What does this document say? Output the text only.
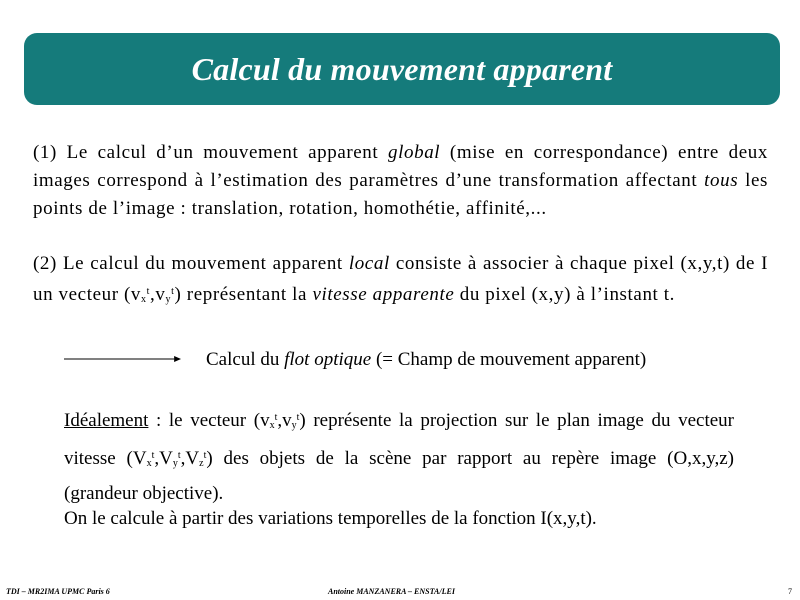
Calcul du mouvement apparent
(1) Le calcul d’un mouvement apparent global (mise en correspondance) entre deux images correspond à l’estimation des paramètres d’une transformation affectant tous les points de l’image : translation, rotation, homothétie, affinité,...
(2) Le calcul du mouvement apparent local consiste à associer à chaque pixel (x,y,t) de I un vecteur $(v_x^t,v_y^t)$ représentant la vitesse apparente du pixel (x,y) à l’instant t.
Calcul du flot optique (= Champ de mouvement apparent)
Idéalement : le vecteur $(v_x^t,v_y^t)$ représente la projection sur le plan image du vecteur vitesse $(V_x^t,V_y^t,V_z^t)$ des objets de la scène par rapport au repère image (O,x,y,z) (grandeur objective).
On le calcule à partir des variations temporelles de la fonction I(x,y,t).
TDI – MR2IMA UPMC Paris 6	Antoine MANZANERA – ENSTA/LEI	7
